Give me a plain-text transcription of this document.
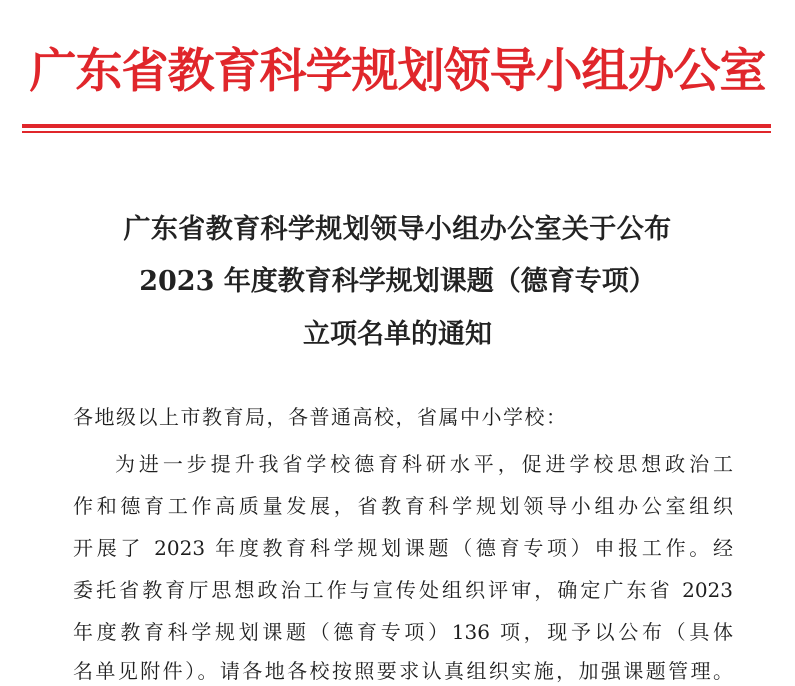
广东省教育科学规划领导小组办公室
广东省教育科学规划领导小组办公室关于公布
2023 年度教育科学规划课题（德育专项）
立项名单的通知
各地级以上市教育局，各普通高校，省属中小学校：
为进一步提升我省学校德育科研水平，促进学校思想政治工
作和德育工作高质量发展，省教育科学规划领导小组办公室组织
开展了 2023 年度教育科学规划课题（德育专项）申报工作。经
委托省教育厅思想政治工作与宣传处组织评审，确定广东省 2023
年度教育科学规划课题（德育专项）136 项，现予以公布（具体
名单见附件）。请各地各校按照要求认真组织实施，加强课题管理。
